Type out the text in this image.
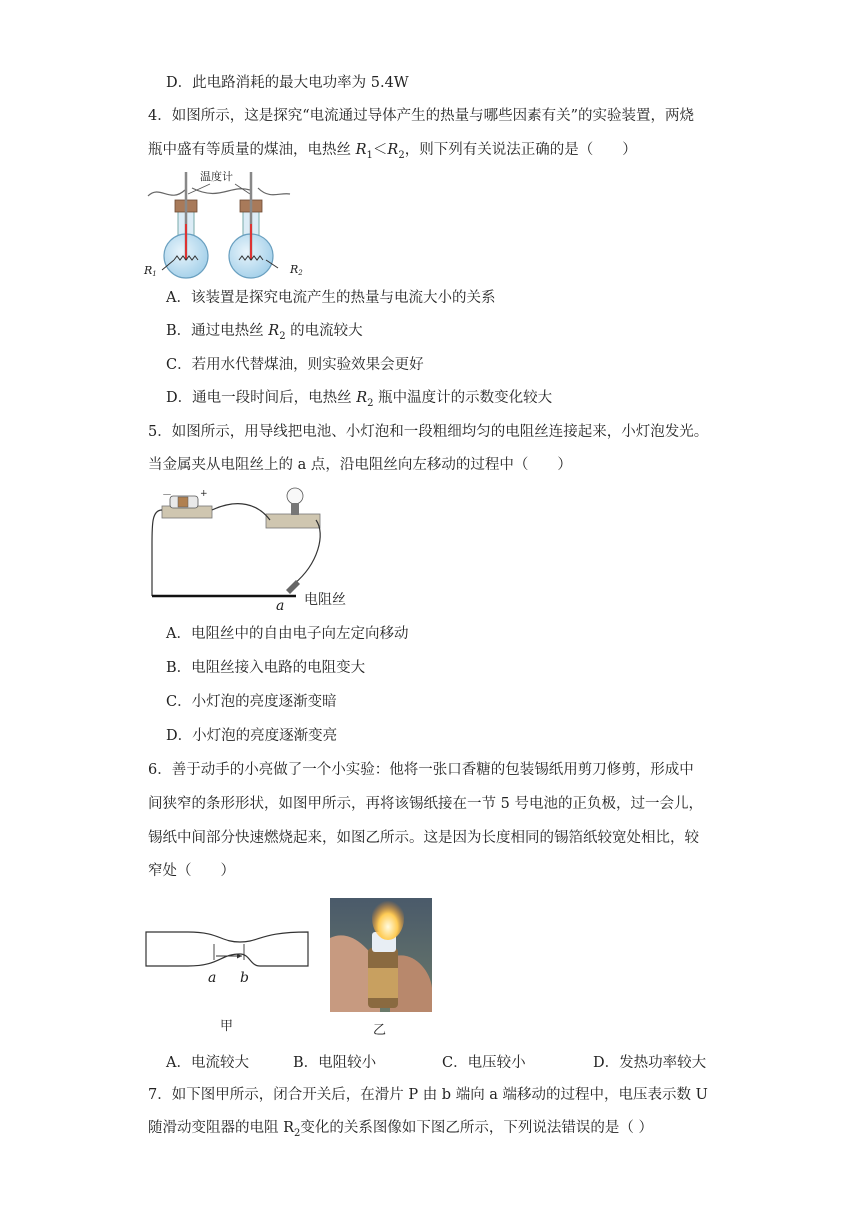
D．此电路消耗的最大电功率为 5.4W
4．如图所示，这是探究“电流通过导体产生的热量与哪些因素有关”的实验装置，两烧
瓶中盛有等质量的煤油，电热丝 $R_1<R_2$，则下列有关说法正确的是（　　）
温度计
R1	R2
A．该装置是探究电流产生的热量与电流大小的关系
B．通过电热丝 $R_2$ 的电流较大
C．若用水代替煤油，则实验效果会更好
D．通电一段时间后，电热丝 $R_2$ 瓶中温度计的示数变化较大
5．如图所示，用导线把电池、小灯泡和一段粗细均匀的电阻丝连接起来，小灯泡发光。
当金属夹从电阻丝上的 a 点，沿电阻丝向左移动的过程中（　　）
－	+
a 电阻丝
A．电阻丝中的自由电子向左定向移动
B．电阻丝接入电路的电阻变大
C．小灯泡的亮度逐渐变暗
D．小灯泡的亮度逐渐变亮
6．善于动手的小亮做了一个小实验：他将一张口香糖的包装锡纸用剪刀修剪，形成中
间狭窄的条形形状，如图甲所示，再将该锡纸接在一节 5 号电池的正负极，过一会儿，
锡纸中间部分快速燃烧起来，如图乙所示。这是因为长度相同的锡箔纸较宽处相比，较
窄处（　　）
a b
甲	乙
A．电流较大	B．电阻较小	C．电压较小	D．发热功率较大
7．如下图甲所示，闭合开关后，在滑片 P 由 b 端向 a 端移动的过程中，电压表示数 U
随滑动变阻器的电阻 $R_2$变化的关系图像如下图乙所示，下列说法错误的是（ ）
